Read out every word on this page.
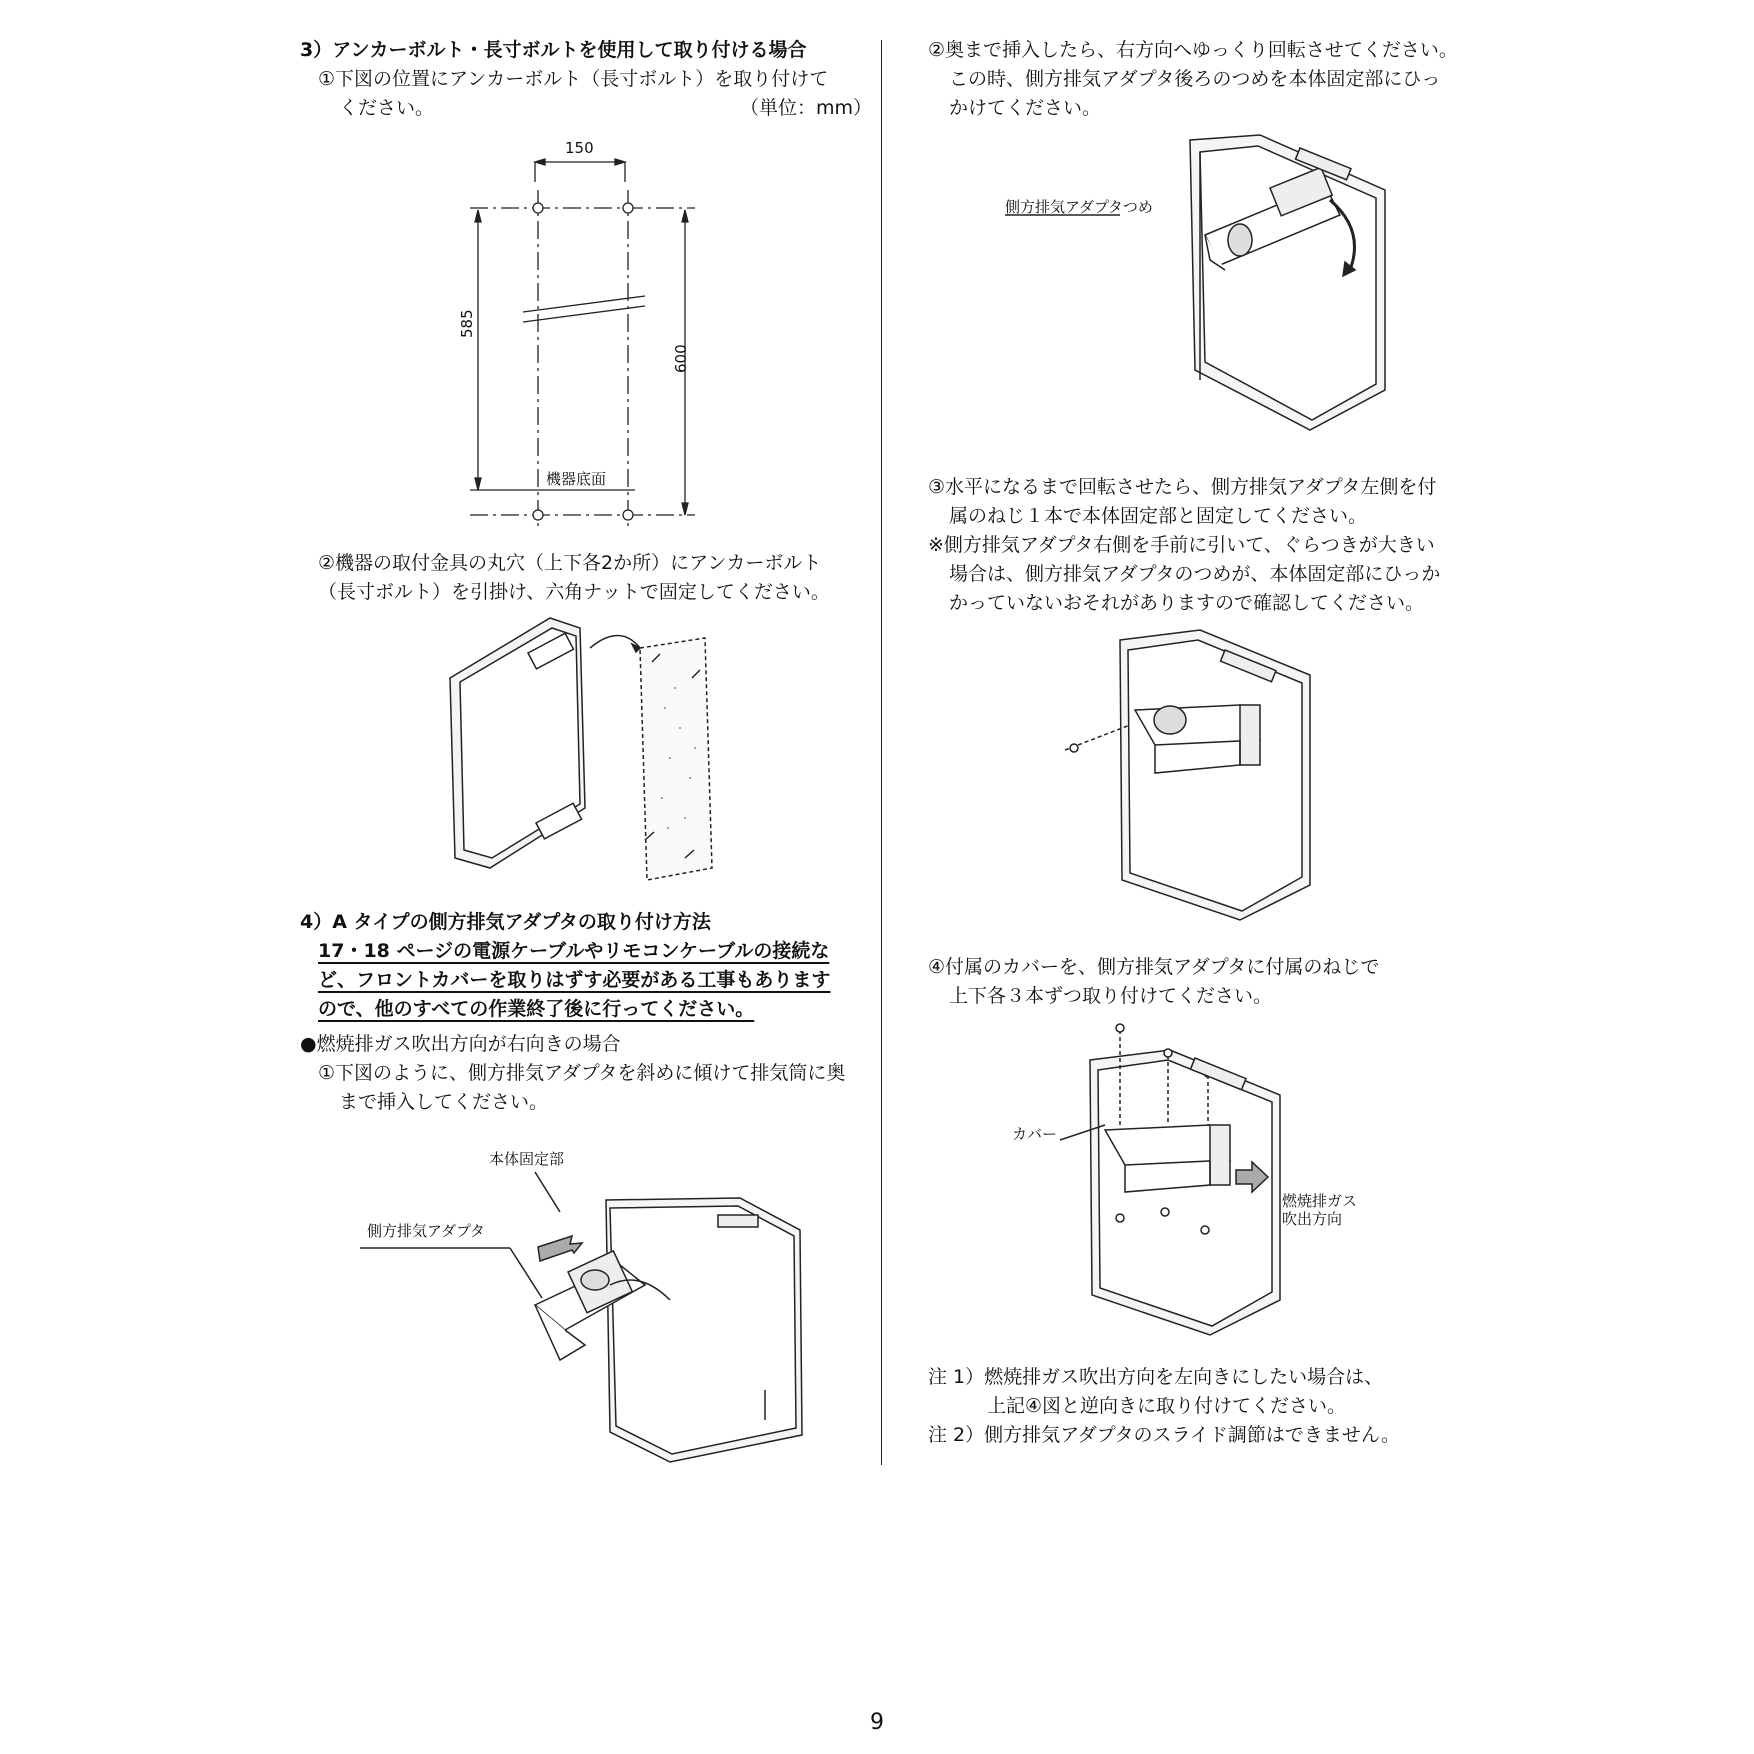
3）アンカーボルト・長寸ボルトを使用して取り付ける場合
①下図の位置にアンカーボルト（長寸ボルト）を取り付けて
ください。	（単位：mm）
150
585
600
機器底面
②機器の取付金具の丸穴（上下各2か所）にアンカーボルト
（長寸ボルト）を引掛け、六角ナットで固定してください。
4）A タイプの側方排気アダプタの取り付け方法
17・18 ページの電源ケーブルやリモコンケーブルの接続な
ど、フロントカバーを取りはずす必要がある工事もあります
ので、他のすべての作業終了後に行ってください。
●燃焼排ガス吹出方向が右向きの場合
①下図のように、側方排気アダプタを斜めに傾けて排気筒に奥
まで挿入してください。
本体固定部
側方排気アダプタ
②奥まで挿入したら、右方向へゆっくり回転させてください。
この時、側方排気アダプタ後ろのつめを本体固定部にひっ
かけてください。
側方排気アダプタつめ
③水平になるまで回転させたら、側方排気アダプタ左側を付
属のねじ１本で本体固定部と固定してください。
※側方排気アダプタ右側を手前に引いて、ぐらつきが大きい
場合は、側方排気アダプタのつめが、本体固定部にひっか
かっていないおそれがありますので確認してください。
④付属のカバーを、側方排気アダプタに付属のねじで
上下各３本ずつ取り付けてください。
カバー
燃焼排ガス
吹出方向
注 1）燃焼排ガス吹出方向を左向きにしたい場合は、
上記④図と逆向きに取り付けてください。
注 2）側方排気アダプタのスライド調節はできません。
9
